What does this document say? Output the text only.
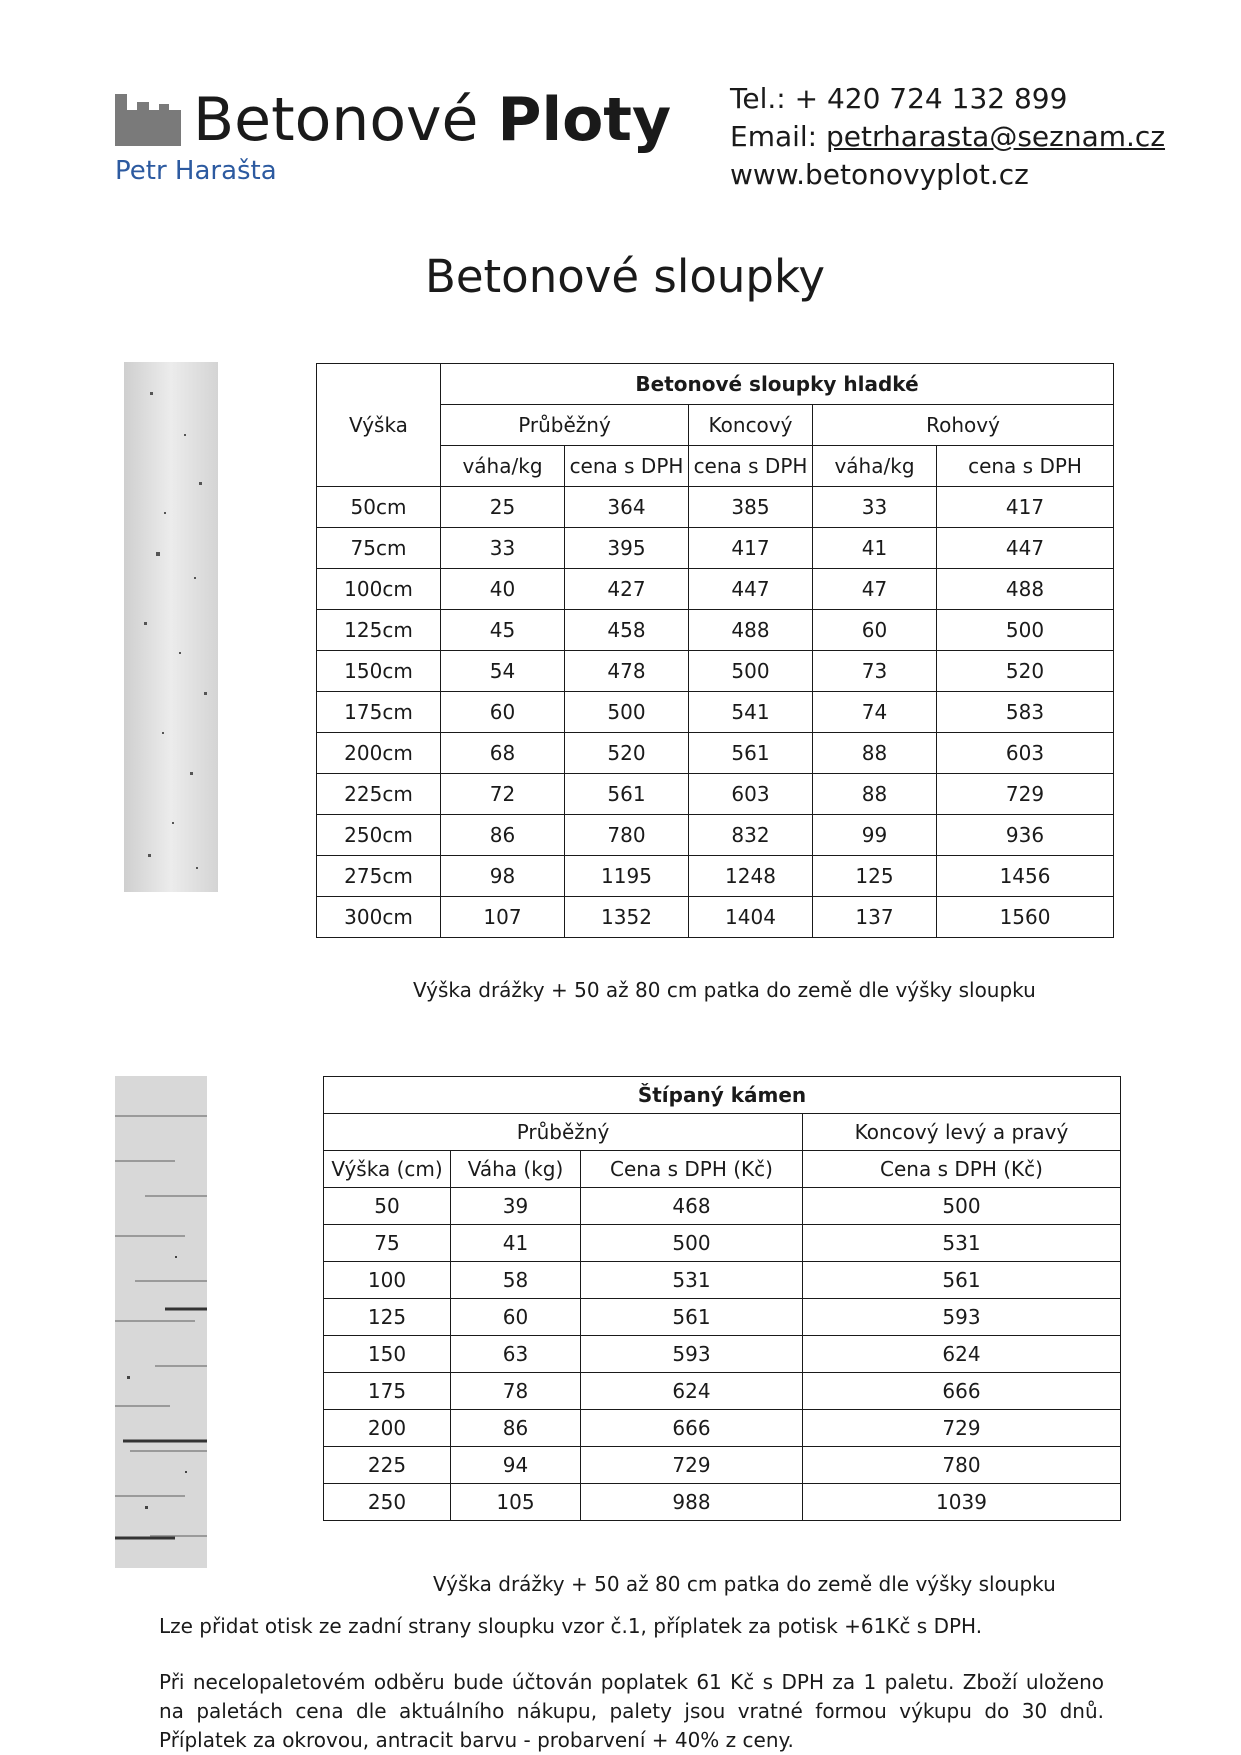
Betonové Ploty
Petr Harašta
Tel.: + 420 724 132 899
Email: petrharasta@seznam.cz
www.betonovyplot.cz
Betonové sloupky
Výška	Betonové sloupky hladké				
	Průběžný		Koncový	Rohový	
	váha/kg	cena s DPH	cena s DPH	váha/kg	cena s DPH
50cm	25	364	385	33	417
75cm	33	395	417	41	447
100cm	40	427	447	47	488
125cm	45	458	488	60	500
150cm	54	478	500	73	520
175cm	60	500	541	74	583
200cm	68	520	561	88	603
225cm	72	561	603	88	729
250cm	86	780	832	99	936
275cm	98	1195	1248	125	1456
300cm	107	1352	1404	137	1560
Výška drážky + 50 až 80 cm patka do země dle výšky sloupku
Štípaný kámen			
Průběžný			Koncový levý a pravý
Výška (cm)	Váha (kg)	Cena s DPH (Kč)	Cena s DPH (Kč)
50	39	468	500
75	41	500	531
100	58	531	561
125	60	561	593
150	63	593	624
175	78	624	666
200	86	666	729
225	94	729	780
250	105	988	1039
Výška drážky + 50 až 80 cm patka do země dle výšky sloupku
Lze přidat otisk ze zadní strany sloupku vzor č.1, příplatek za potisk +61Kč s DPH.
Při necelopaletovém odběru bude účtován poplatek 61 Kč s DPH za 1 paletu. Zboží uloženo na paletách cena dle aktuálního nákupu, palety jsou vratné formou výkupu do 30 dnů. Příplatek za okrovou, antracit barvu - probarvení + 40% z ceny.
